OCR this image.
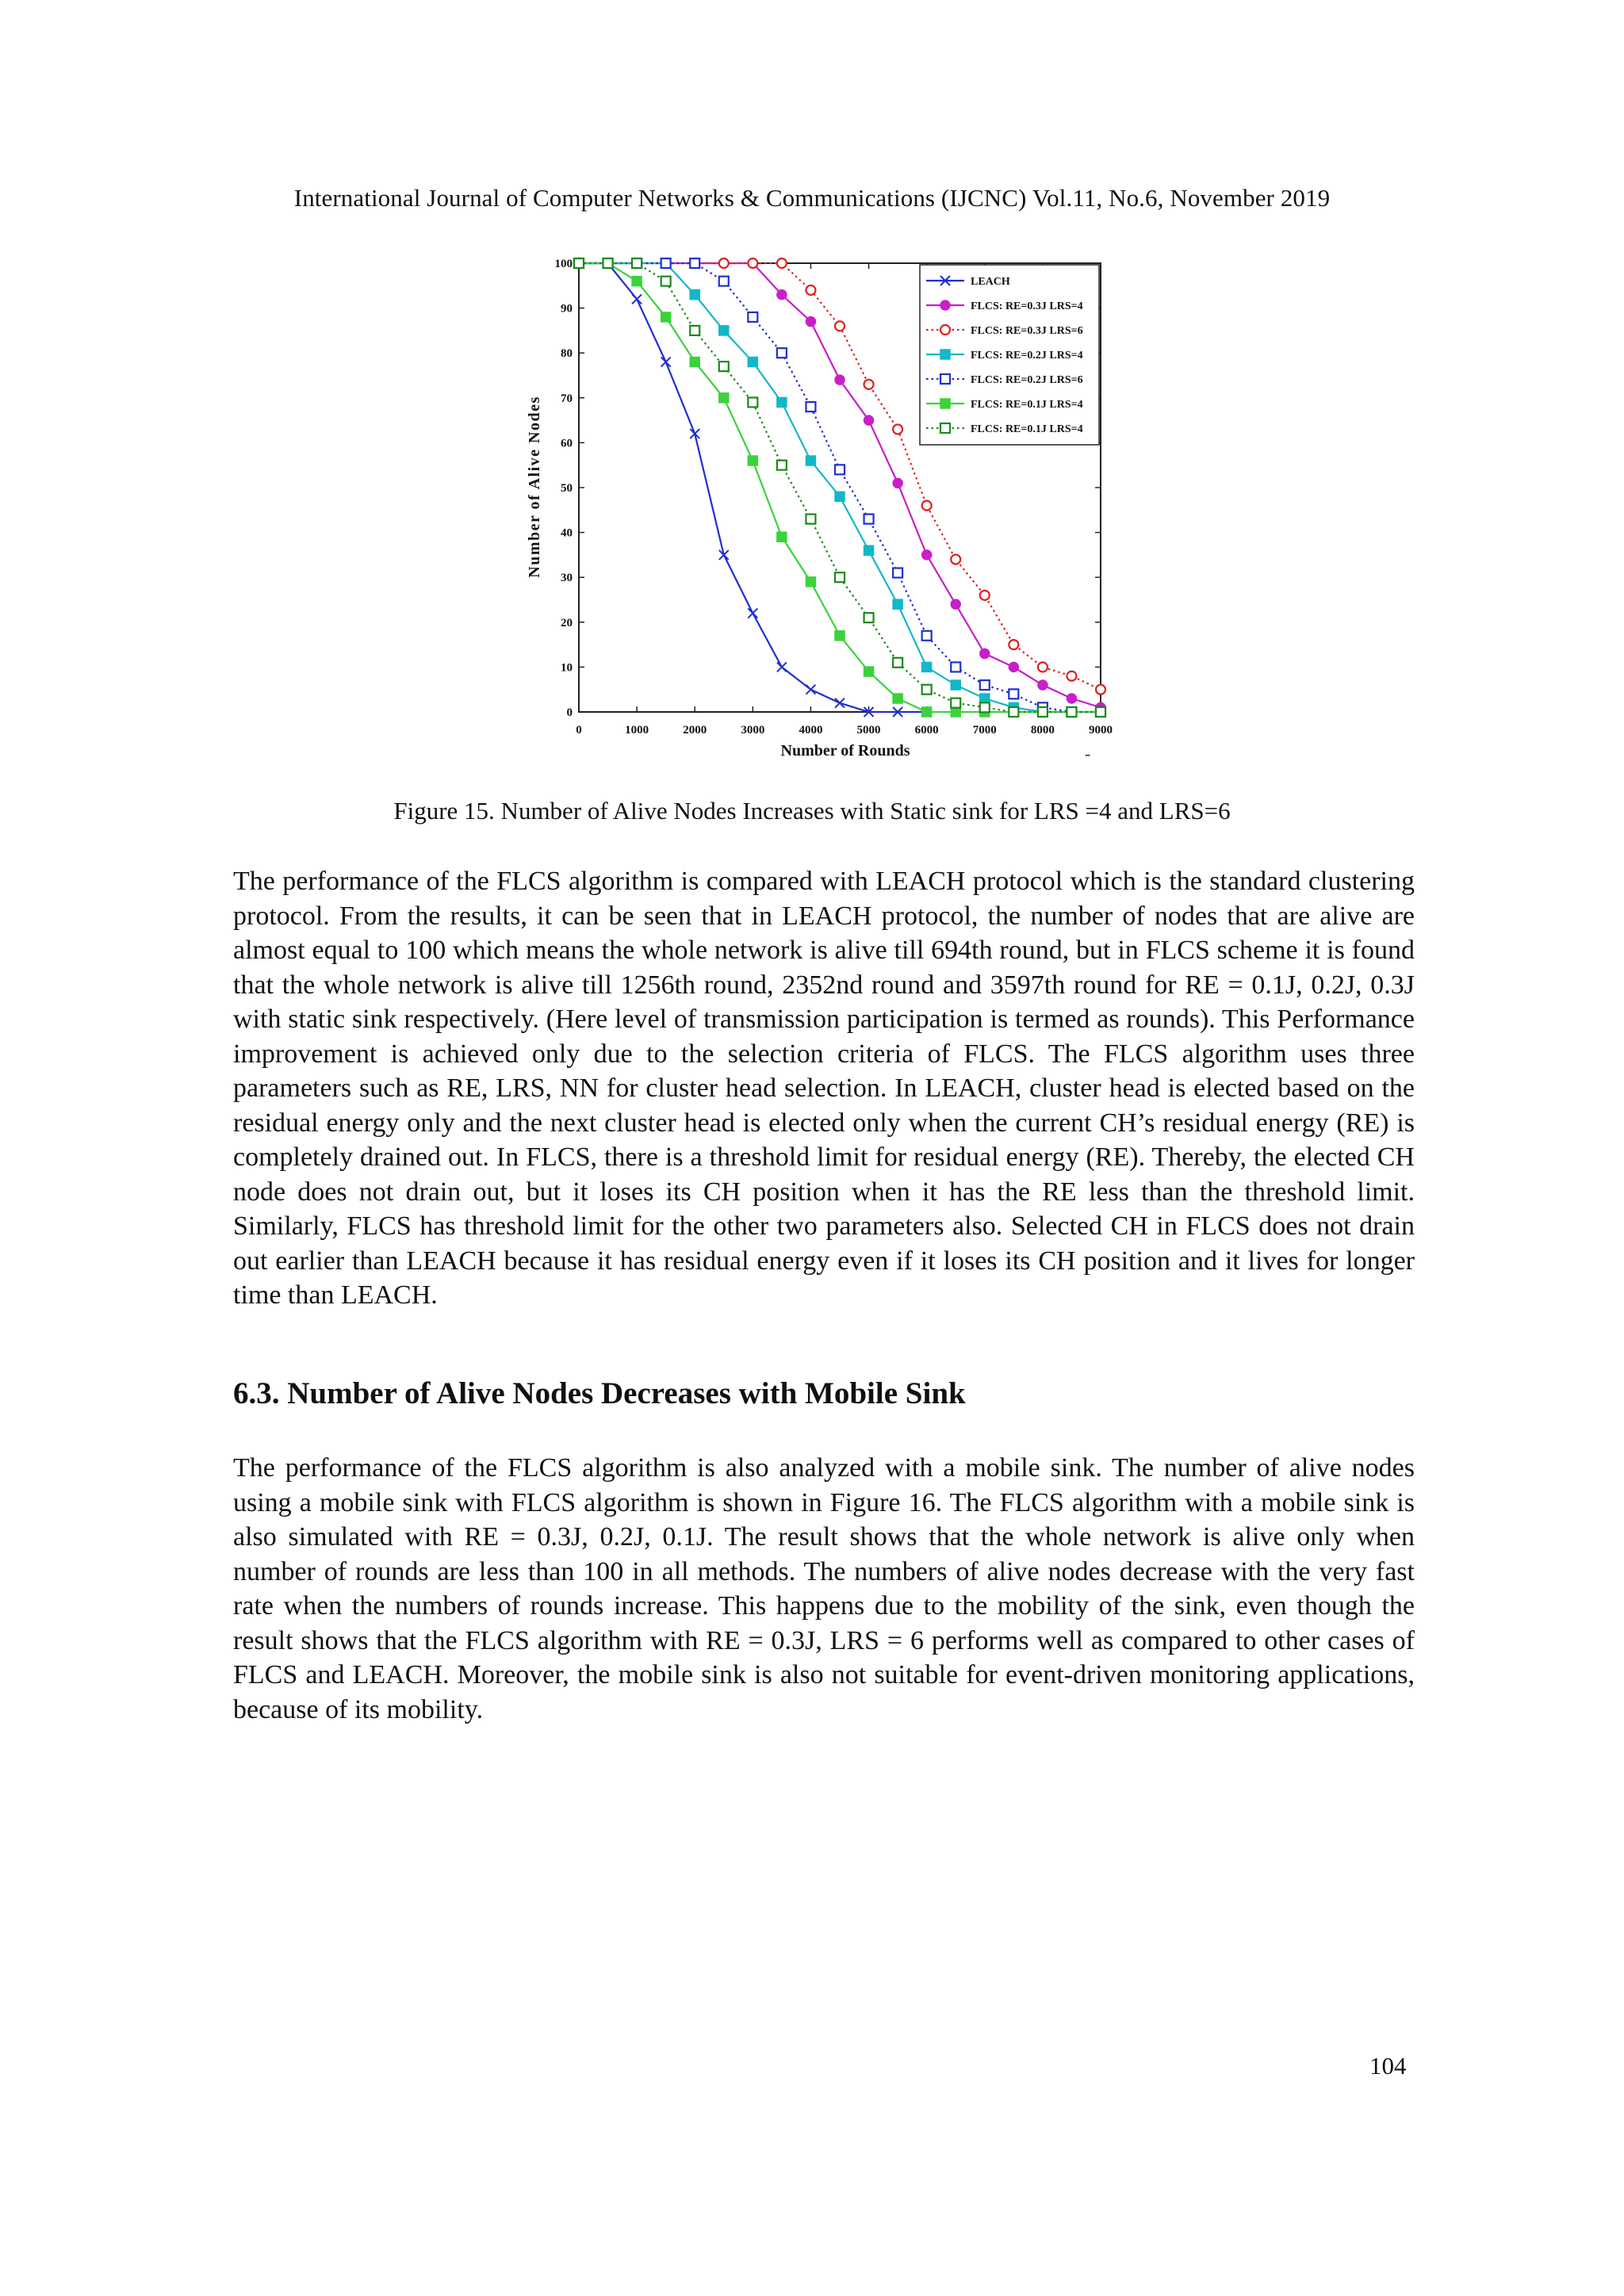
International Journal of Computer Networks & Communications (IJCNC) Vol.11, No.6, November 2019
0	1000	2000	3000	4000	5000	6000	7000	8000	9000
0
10
20
30
40
50
60
70
80
90
100
LEACH
FLCS: RE=0.3J LRS=4
FLCS: RE=0.3J LRS=6
FLCS: RE=0.2J LRS=4
FLCS: RE=0.2J LRS=6
FLCS: RE=0.1J LRS=4
FLCS: RE=0.1J LRS=4
Number of Rounds
Number of Alive Nodes
-
Figure 15. Number of Alive Nodes Increases with Static sink for LRS =4 and LRS=6

The performance of the FLCS algorithm is compared with LEACH protocol which is the standard clustering protocol. From the results, it can be seen that in LEACH protocol, the number of nodes that are alive are almost equal to 100 which means the whole network is alive till 694th round, but in FLCS scheme it is found that the whole network is alive till 1256th round, 2352nd round and 3597th round for RE = 0.1J, 0.2J, 0.3J with static sink respectively. (Here level of transmission participation is termed as rounds). This Performance improvement is achieved only due to the selection criteria of FLCS. The FLCS algorithm uses three parameters such as RE, LRS, NN for cluster head selection. In LEACH, cluster head is elected based on the residual energy only and the next cluster head is elected only when the current CH’s residual energy (RE) is completely drained out. In FLCS, there is a threshold limit for residual energy (RE). Thereby, the elected CH node does not drain out, but it loses its CH position when it has the RE less than the threshold limit. Similarly, FLCS has threshold limit for the other two parameters also. Selected CH in FLCS does not drain out earlier than LEACH because it has residual energy even if it loses its CH position and it lives for longer time than LEACH.

6.3. Number of Alive Nodes Decreases with Mobile Sink

The performance of the FLCS algorithm is also analyzed with a mobile sink. The number of alive nodes using a mobile sink with FLCS algorithm is shown in Figure 16. The FLCS algorithm with a mobile sink is also simulated with RE = 0.3J, 0.2J, 0.1J. The result shows that the whole network is alive only when number of rounds are less than 100 in all methods. The numbers of alive nodes decrease with the very fast rate when the numbers of rounds increase. This happens due to the mobility of the sink, even though the result shows that the FLCS algorithm with RE = 0.3J, LRS = 6 performs well as compared to other cases of FLCS and LEACH. Moreover, the mobile sink is also not suitable for event-driven monitoring applications, because of its mobility.

104
